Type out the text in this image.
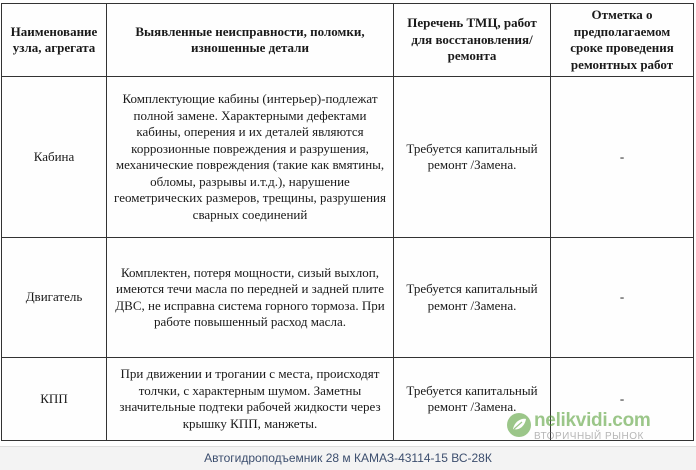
Наименование узла, агрегата	Выявленные неисправности, поломки, изношенные детали	Перечень ТМЦ, работ для восстановления/ремонта	Отметка о предполагаемом сроке проведения ремонтных работ
Кабина	Комплектующие кабины (интерьер)-подлежат полной замене. Характерными дефектами кабины, оперения и их деталей являются коррозионные повреждения и разрушения, механические повреждения (такие как вмятины, обломы, разрывы и.т.д.), нарушение геометрических размеров, трещины, разрушения сварных соединений	Требуется капитальный ремонт /Замена.	-
Двигатель	Комплектен, потеря мощности, сизый выхлоп, имеются течи масла по передней и задней плите ДВС, не исправна система горного тормоза. При работе повышенный расход масла.	Требуется капитальный ремонт /Замена.	-
КПП	При движении и трогании с места, происходят толчки, с характерным шумом. Заметны значительные подтеки рабочей жидкости через крышку КПП, манжеты.	Требуется капитальный ремонт /Замена.	-
nelikvidi.com
ВТОРИЧНЫЙ РЫНОК
Автогидроподъемник 28 м КАМАЗ-43114-15 ВС-28К
